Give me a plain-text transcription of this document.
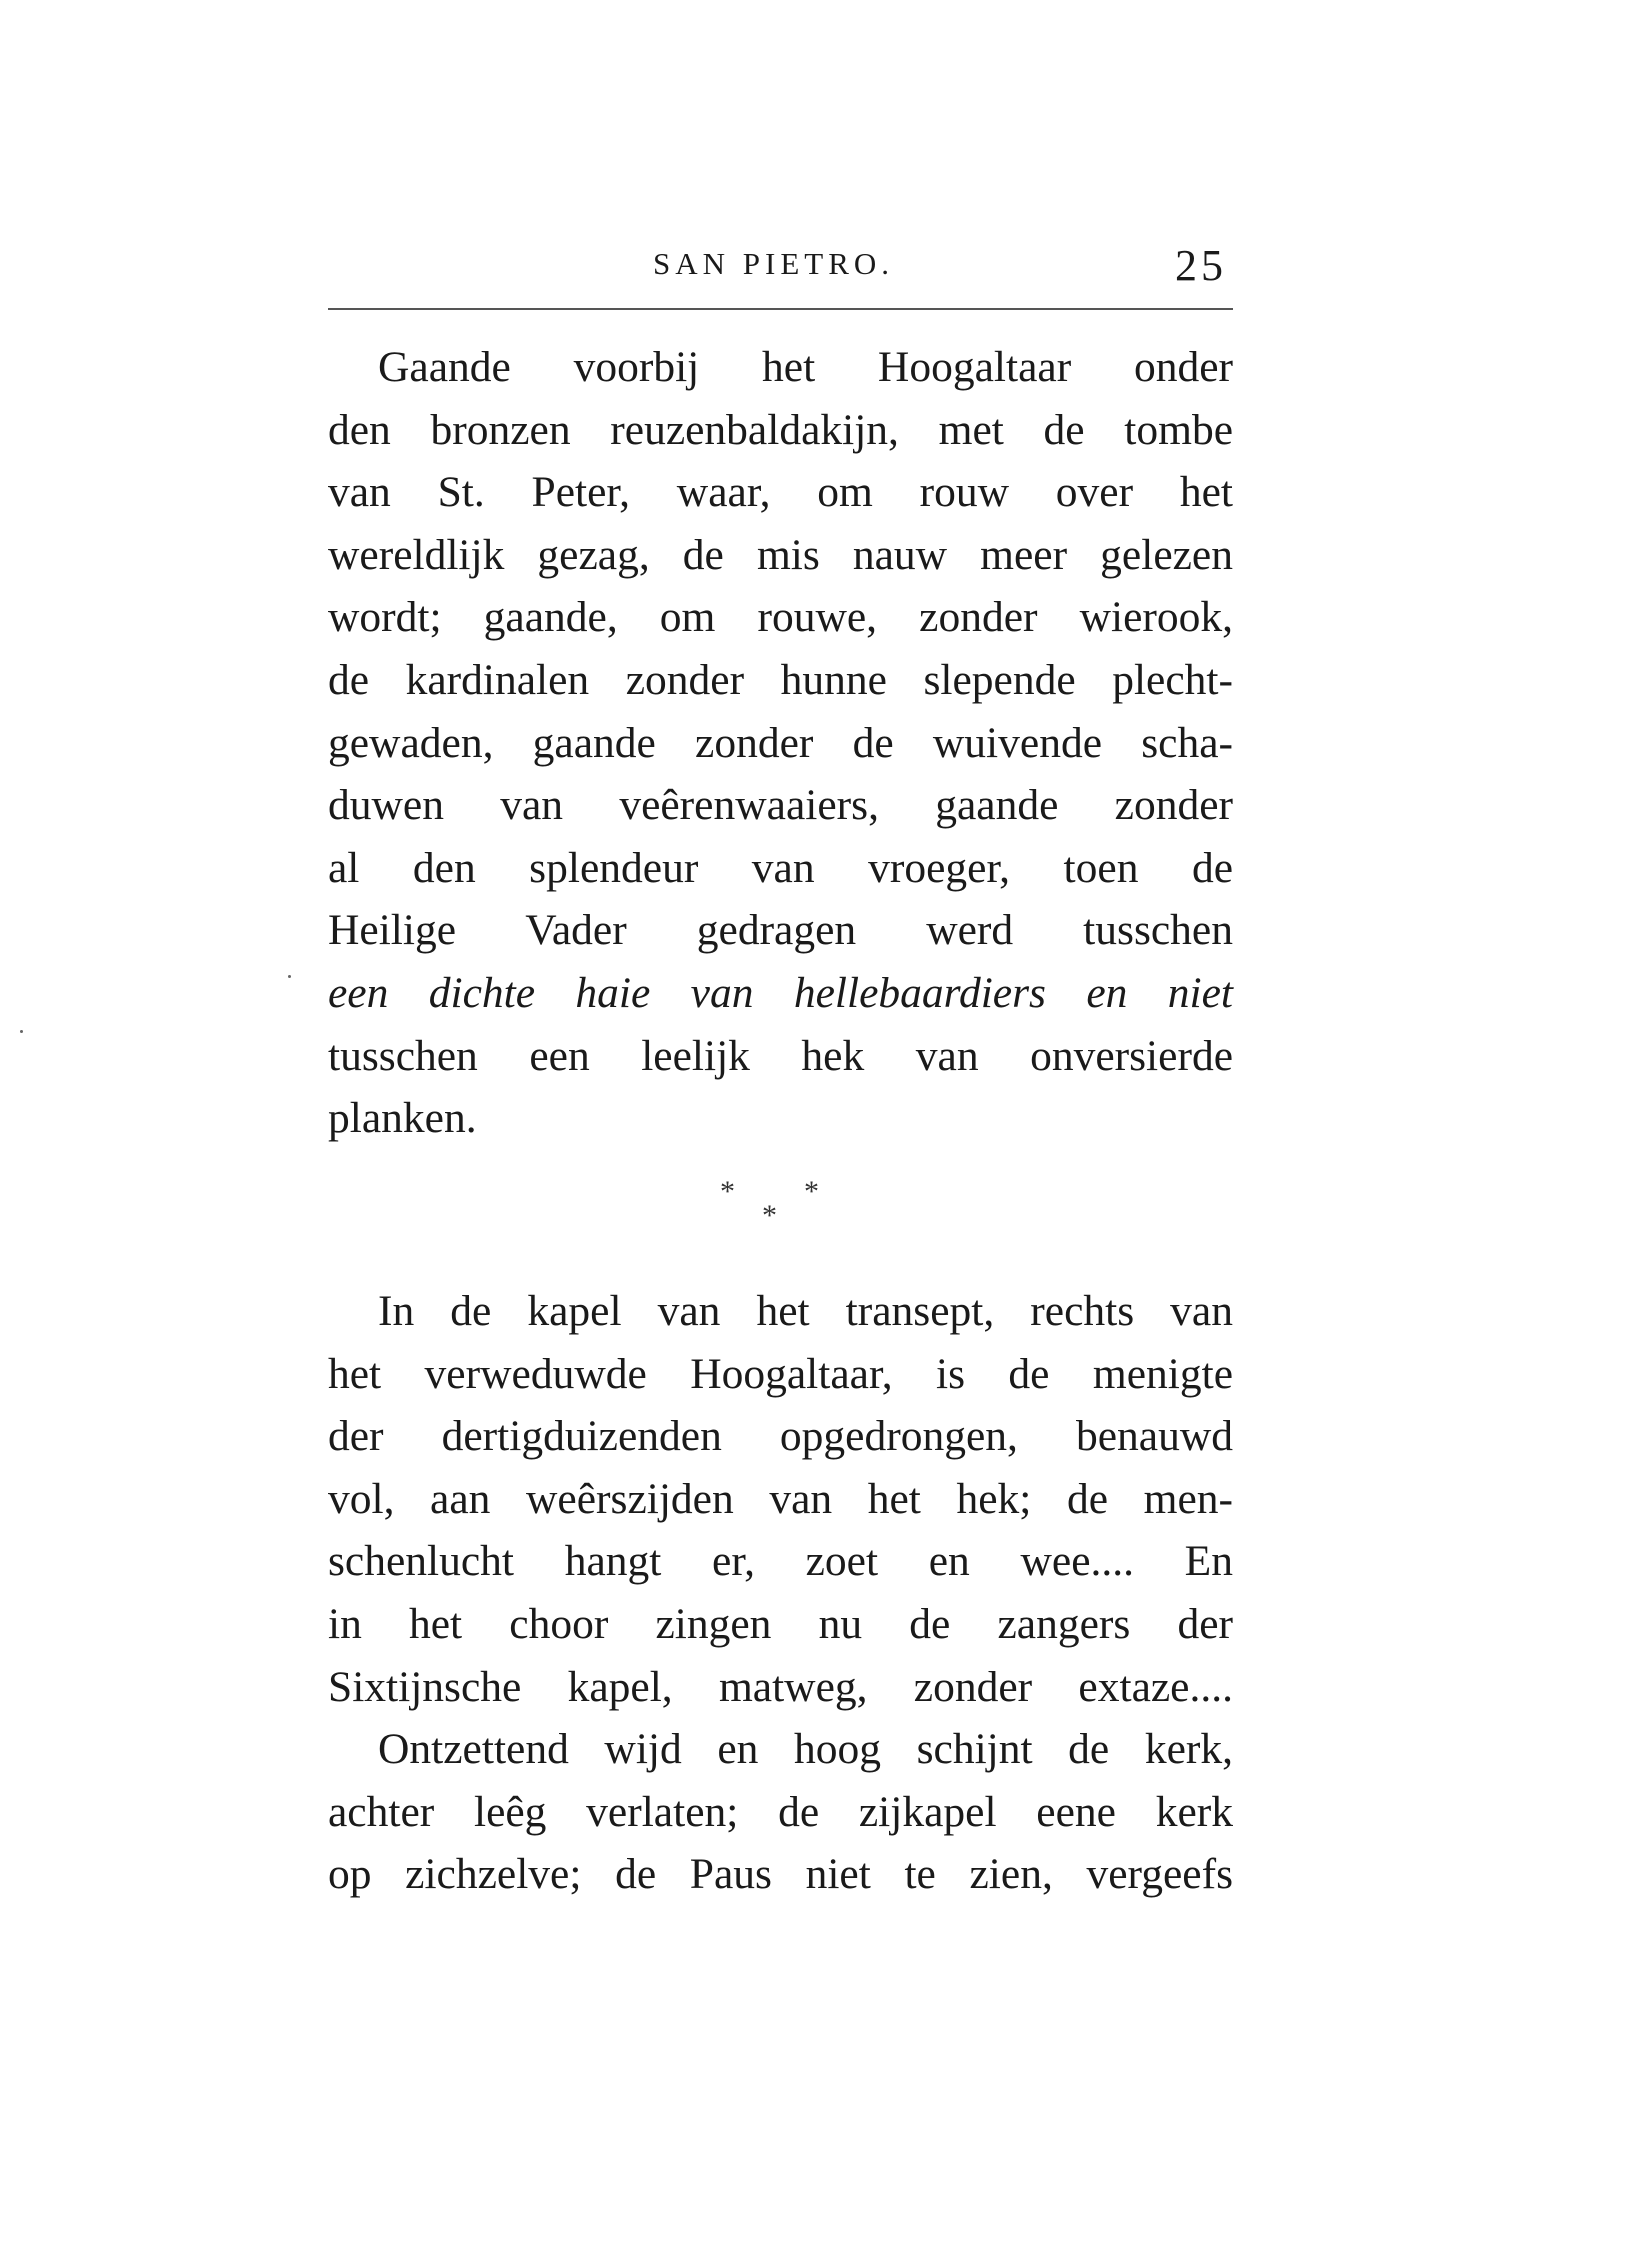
SAN PIETRO.	25
Gaande voorbij het Hoogaltaar onder
den bronzen reuzenbaldakijn, met de tombe
van St. Peter, waar, om rouw over het
wereldlijk gezag, de mis nauw meer gelezen
wordt; gaande, om rouwe, zonder wierook,
de kardinalen zonder hunne slepende plecht-
gewaden, gaande zonder de wuivende scha-
duwen van veêrenwaaiers, gaande zonder
al den splendeur van vroeger, toen de
Heilige Vader gedragen werd tusschen
een dichte haie van hellebaardiers en niet
tusschen een leelijk hek van onversierde
planken.
* *
*
In de kapel van het transept, rechts van
het verweduwde Hoogaltaar, is de menigte
der dertigduizenden opgedrongen, benauwd
vol, aan weêrszijden van het hek; de men-
schenlucht hangt er, zoet en wee.... En
in het choor zingen nu de zangers der
Sixtijnsche kapel, matweg, zonder extaze....
Ontzettend wijd en hoog schijnt de kerk,
achter leêg verlaten; de zijkapel eene kerk
op zichzelve; de Paus niet te zien, vergeefs
